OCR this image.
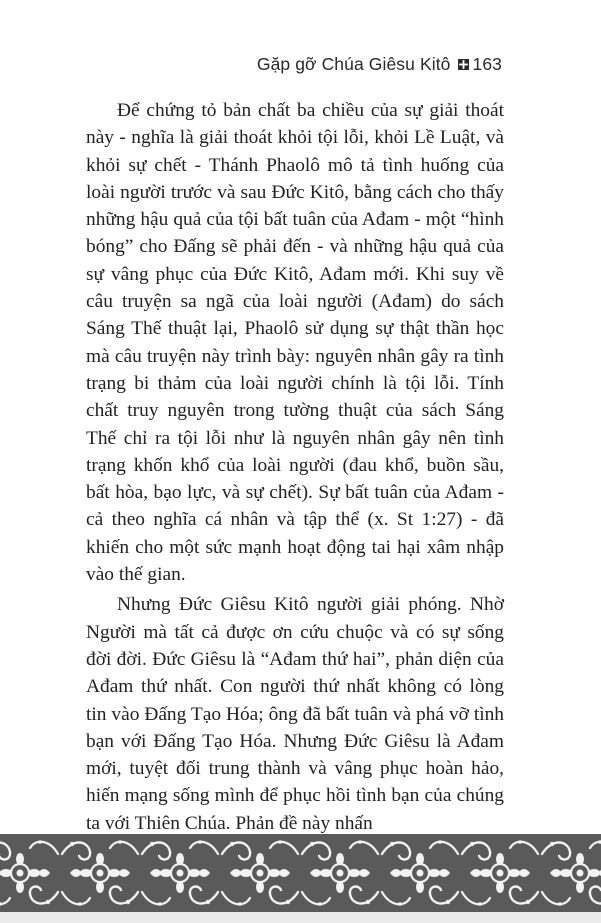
Gặp gỡ Chúa Giêsu Kitô 163

Để chứng tỏ bản chất ba chiều của sự giải thoát này - nghĩa là giải thoát khỏi tội lỗi, khỏi Lề Luật, và khỏi sự chết - Thánh Phaolô mô tả tình huống của loài người trước và sau Đức Kitô, bằng cách cho thấy những hậu quả của tội bất tuân của Ađam - một “hình bóng” cho Đấng sẽ phải đến - và những hậu quả của sự vâng phục của Đức Kitô, Ađam mới. Khi suy về câu truyện sa ngã của loài người (Ađam) do sách Sáng Thế thuật lại, Phaolô sử dụng sự thật thần học mà câu truyện này trình bày: nguyên nhân gây ra tình trạng bi thảm của loài người chính là tội lỗi. Tính chất truy nguyên trong tường thuật của sách Sáng Thế chỉ ra tội lỗi như là nguyên nhân gây nên tình trạng khốn khổ của loài người (đau khổ, buồn sầu, bất hòa, bạo lực, và sự chết). Sự bất tuân của Ađam - cả theo nghĩa cá nhân và tập thể (x. St 1:27) - đã khiến cho một sức mạnh hoạt động tai hại xâm nhập vào thế gian.

Nhưng Đức Giêsu Kitô người giải phóng. Nhờ Người mà tất cả được ơn cứu chuộc và có sự sống đời đời. Đức Giêsu là “Ađam thứ hai”, phản diện của Ađam thứ nhất. Con người thứ nhất không có lòng tin vào Đấng Tạo Hóa; ông đã bất tuân và phá vỡ tình bạn với Đấng Tạo Hóa. Nhưng Đức Giêsu là Ađam mới, tuyệt đối trung thành và vâng phục hoàn hảo, hiến mạng sống mình để phục hồi tình bạn của chúng ta với Thiên Chúa. Phản đề này nhấn
